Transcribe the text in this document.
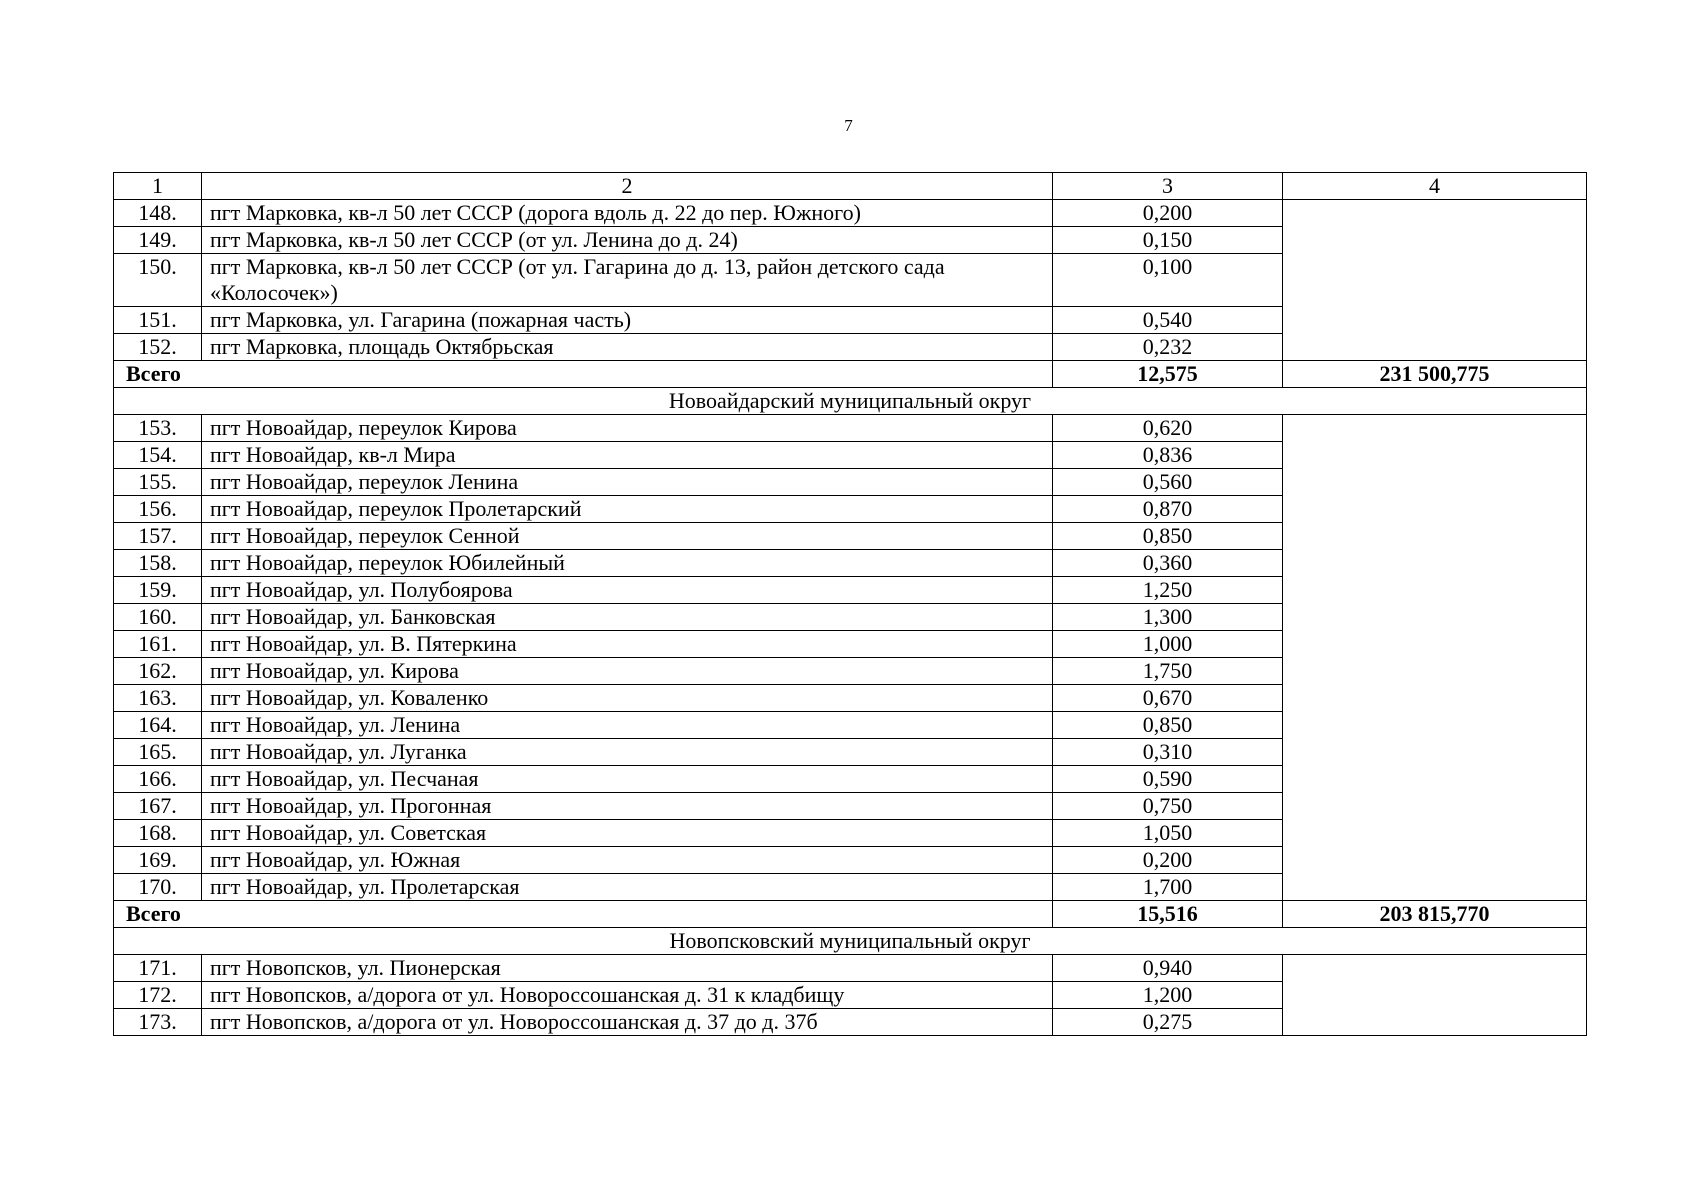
7
1	2	3	4
148.	пгт Марковка, кв-л 50 лет СССР (дорога вдоль д. 22 до пер. Южного)	0,200	
149.	пгт Марковка, кв-л 50 лет СССР (от ул. Ленина до д. 24)	0,150	
150.	пгт Марковка, кв-л 50 лет СССР (от ул. Гагарина до д. 13, район детского сада «Колосочек»)	0,100	
151.	пгт Марковка, ул. Гагарина (пожарная часть)	0,540	
152.	пгт Марковка, площадь Октябрьская	0,232	
Всего		12,575	231 500,775
Новоайдарский муниципальный округ			
153.	пгт Новоайдар, переулок Кирова	0,620	
154.	пгт Новоайдар, кв-л Мира	0,836	
155.	пгт Новоайдар, переулок Ленина	0,560	
156.	пгт Новоайдар, переулок Пролетарский	0,870	
157.	пгт Новоайдар, переулок Сенной	0,850	
158.	пгт Новоайдар, переулок Юбилейный	0,360	
159.	пгт Новоайдар, ул. Полубоярова	1,250	
160.	пгт Новоайдар, ул. Банковская	1,300	
161.	пгт Новоайдар, ул. В. Пятеркина	1,000	
162.	пгт Новоайдар, ул. Кирова	1,750	
163.	пгт Новоайдар, ул. Коваленко	0,670	
164.	пгт Новоайдар, ул. Ленина	0,850	
165.	пгт Новоайдар, ул. Луганка	0,310	
166.	пгт Новоайдар, ул. Песчаная	0,590	
167.	пгт Новоайдар, ул. Прогонная	0,750	
168.	пгт Новоайдар, ул. Советская	1,050	
169.	пгт Новоайдар, ул. Южная	0,200	
170.	пгт Новоайдар, ул. Пролетарская	1,700	
Всего		15,516	203 815,770
Новопсковский муниципальный округ			
171.	пгт Новопсков, ул. Пионерская	0,940	
172.	пгт Новопсков, а/дорога от ул. Новороссошанская д. 31 к кладбищу	1,200	
173.	пгт Новопсков, а/дорога от ул. Новороссошанская д. 37 до д. 37б	0,275	
